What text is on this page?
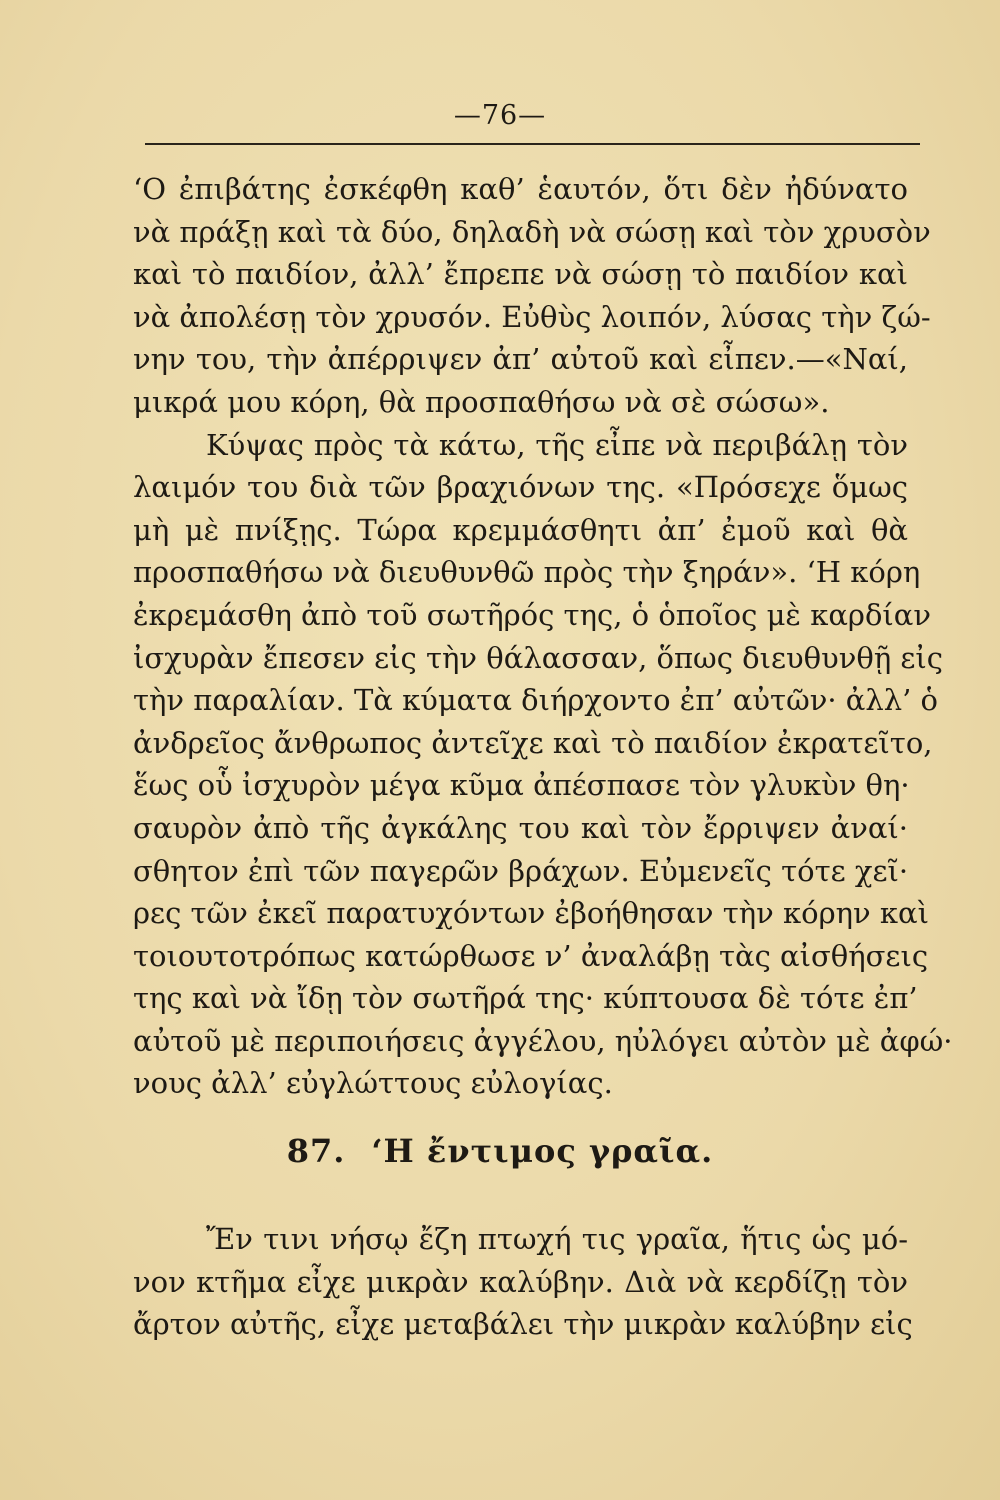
—76—
‘Ο ἐπιβάτης ἐσκέφθη καθ’ ἑαυτόν, ὅτι δὲν ἠδύνατο
νὰ πράξῃ καὶ τὰ δύο, δηλαδὴ νὰ σώσῃ καὶ τὸν χρυσὸν
καὶ τὸ παιδίον, ἀλλ’ ἔπρεπε νὰ σώσῃ τὸ παιδίον καὶ
νὰ ἀπολέσῃ τὸν χρυσόν. Εὐθὺς λοιπόν, λύσας τὴν ζώ-
νην του, τὴν ἀπέρριψεν ἀπ’ αὐτοῦ καὶ εἶπεν.—«Ναί,
μικρά μου κόρη, θὰ προσπαθήσω νὰ σὲ σώσω».
Κύψας πρὸς τὰ κάτω, τῆς εἶπε νὰ περιβάλῃ τὸν
λαιμόν του διὰ τῶν βραχιόνων της. «Πρόσεχε ὅμως
μὴ μὲ πνίξῃς. Τώρα κρεμμάσθητι ἀπ’ ἐμοῦ καὶ θὰ
προσπαθήσω νὰ διευθυνθῶ πρὸς τὴν ξηράν». ‘Η κόρη
ἐκρεμάσθη ἀπὸ τοῦ σωτῆρός της, ὁ ὁποῖος μὲ καρδίαν
ἰσχυρὰν ἔπεσεν εἰς τὴν θάλασσαν, ὅπως διευθυνθῇ εἰς
τὴν παραλίαν. Τὰ κύματα διήρχοντο ἐπ’ αὐτῶν· ἀλλ’ ὁ
ἀνδρεῖος ἄνθρωπος ἀντεῖχε καὶ τὸ παιδίον ἐκρατεῖτο,
ἕως οὗ ἰσχυρὸν μέγα κῦμα ἀπέσπασε τὸν γλυκὺν θη·
σαυρὸν ἀπὸ τῆς ἀγκάλης του καὶ τὸν ἔρριψεν ἀναί·
σθητον ἐπὶ τῶν παγερῶν βράχων. Εὐμενεῖς τότε χεῖ·
ρες τῶν ἐκεῖ παρατυχόντων ἐβοήθησαν τὴν κόρην καὶ
τοιουτοτρόπως κατώρθωσε ν’ ἀναλάβῃ τὰς αἰσθήσεις
της καὶ νὰ ἴδῃ τὸν σωτῆρά της· κύπτουσα δὲ τότε ἐπ’
αὐτοῦ μὲ περιποιήσεις ἀγγέλου, ηὐλόγει αὐτὸν μὲ ἀφώ·
νους ἀλλ’ εὐγλώττους εὐλογίας.
87. ‘Η ἔντιμος γραῖα.
Ἔν τινι νήσῳ ἔζη πτωχή τις γραῖα, ἥτις ὡς μό-
νον κτῆμα εἶχε μικρὰν καλύβην. Διὰ νὰ κερδίζῃ τὸν
ἄρτον αὐτῆς, εἶχε μεταβάλει τὴν μικρὰν καλύβην εἰς
